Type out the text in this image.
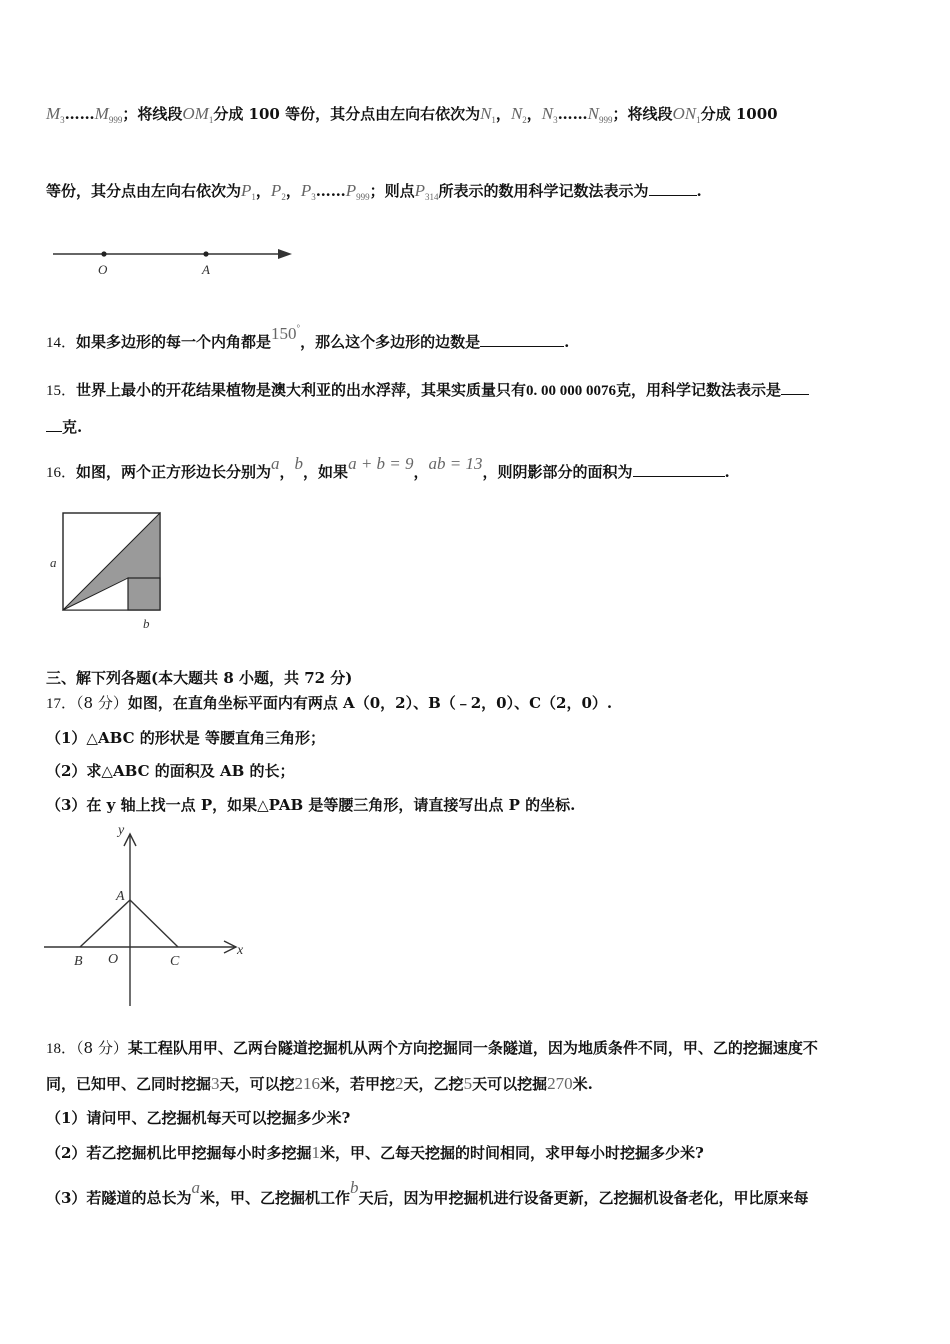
$M_3\dots\dots M_{999}$；将线段$OM_1$分成 100 等份，其分点由左向右依次为$N_1$，$N_2$，$N_3\dots\dots N_{999}$；将线段$ON_1$分成 1000
等份，其分点由左向右依次为$P_1$，$P_2$，$P_3\dots\dots P_{999}$；则点$P_{314}$所表示的数用科学记数法表示为	.
O	A
14．如果多边形的每一个内角都是150°，那么这个多边形的边数是	.
15．世界上最小的开花结果植物是澳大利亚的出水浮萍，其果实质量只有0. 00 000 0076克，用科学记数法表示是
克.
16．如图，两个正方形边长分别为a，b，如果a + b = 9，ab = 13，则阴影部分的面积为	.
a
b
三、解下列各题(本大题共 8 小题，共 72 分)
17．（8 分）如图，在直角坐标平面内有两点 A（0，2）、B（﹣2，0）、C（2，0）.
（1）△ABC 的形状是 等腰直角三角形；
（2）求△ABC 的面积及 AB 的长；
（3）在 y 轴上找一点 P，如果△PAB 是等腰三角形，请直接写出点 P 的坐标.
y
x
A
B O	C
18．（8 分）某工程队用甲、乙两台隧道挖掘机从两个方向挖掘同一条隧道，因为地质条件不同，甲、乙的挖掘速度不
同，已知甲、乙同时挖掘3天，可以挖216米，若甲挖2天，乙挖5天可以挖掘270米.
（1）请问甲、乙挖掘机每天可以挖掘多少米?
（2）若乙挖掘机比甲挖掘每小时多挖掘1米，甲、乙每天挖掘的时间相同，求甲每小时挖掘多少米?
（3）若隧道的总长为a米，甲、乙挖掘机工作b天后，因为甲挖掘机进行设备更新，乙挖掘机设备老化，甲比原来每
